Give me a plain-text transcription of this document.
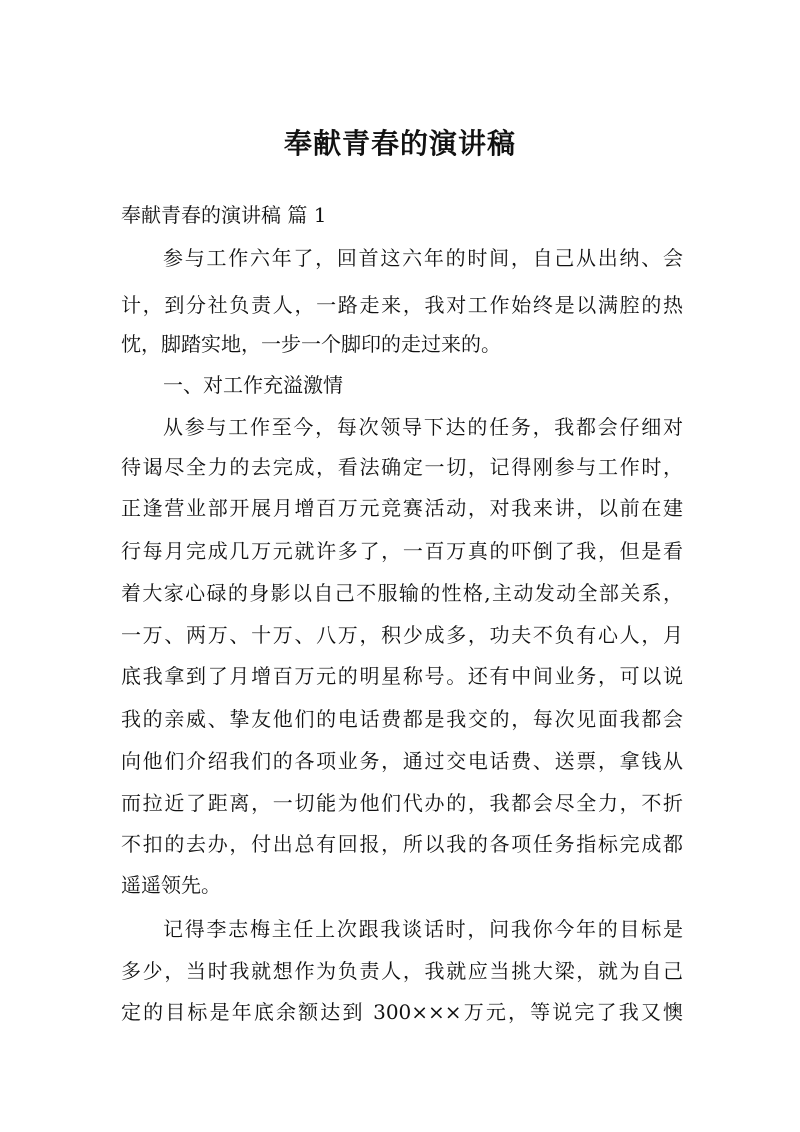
奉献青春的演讲稿

奉献青春的演讲稿 篇 1

参与工作六年了，回首这六年的时间，自己从出纳、会

计，到分社负责人，一路走来，我对工作始终是以满腔的热

忱，脚踏实地，一步一个脚印的走过来的。

一、对工作充溢激情

从参与工作至今，每次领导下达的任务，我都会仔细对

待谒尽全力的去完成，看法确定一切，记得刚参与工作时，

正逢营业部开展月增百万元竞赛活动，对我来讲，以前在建

行每月完成几万元就许多了，一百万真的吓倒了我，但是看

着大家心碌的身影以自己不服输的性格,主动发动全部关系，

一万、两万、十万、八万，积少成多，功夫不负有心人，月

底我拿到了月增百万元的明星称号。还有中间业务，可以说

我的亲威、挚友他们的电话费都是我交的，每次见面我都会

向他们介绍我们的各项业务，通过交电话费、送票，拿钱从

而拉近了距离，一切能为他们代办的，我都会尽全力，不折

不扣的去办，付出总有回报，所以我的各项任务指标完成都

遥遥领先。

记得李志梅主任上次跟我谈话时，问我你今年的目标是

多少，当时我就想作为负责人，我就应当挑大梁，就为自己

定的目标是年底余额达到 300×××万元，等说完了我又懊
